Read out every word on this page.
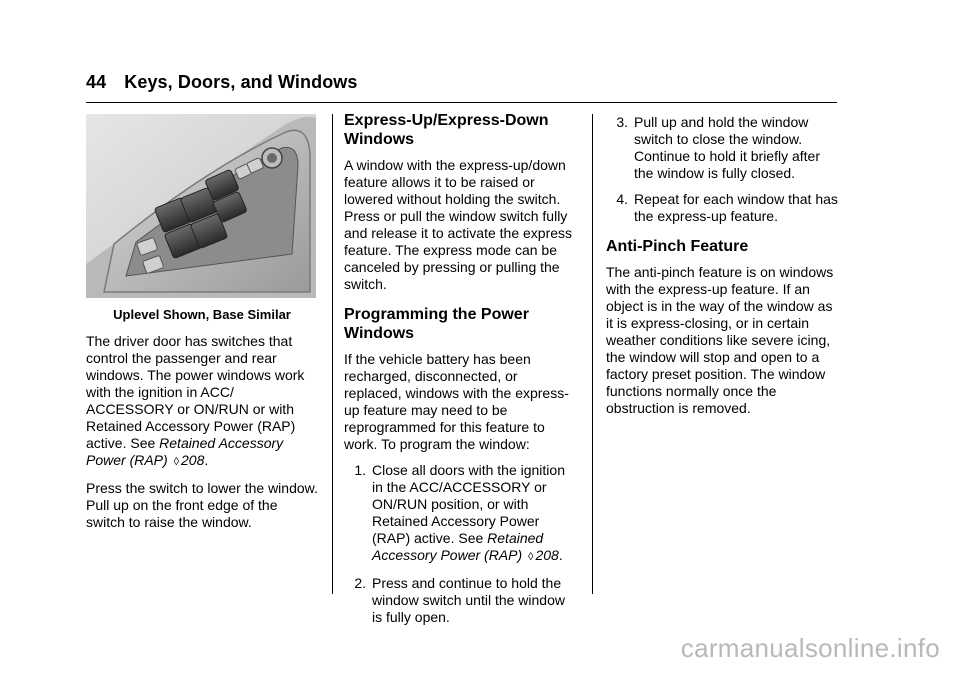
44 Keys, Doors, and Windows
Uplevel Shown, Base Similar

The driver door has switches that control the passenger and rear windows. The power windows work with the ignition in ACC/ ACCESSORY or ON/RUN or with Retained Accessory Power (RAP) active. See Retained Accessory Power (RAP) ◊ 208.

Press the switch to lower the window. Pull up on the front edge of the switch to raise the window.

Express-Up/Express-Down Windows

A window with the express-up/down feature allows it to be raised or lowered without holding the switch. Press or pull the window switch fully and release it to activate the express feature. The express mode can be canceled by pressing or pulling the switch.

Programming the Power Windows

If the vehicle battery has been recharged, disconnected, or replaced, windows with the express-up feature may need to be reprogrammed for this feature to work. To program the window:

1. Close all doors with the ignition in the ACC/ACCESSORY or ON/RUN position, or with Retained Accessory Power (RAP) active. See Retained Accessory Power (RAP) ◊ 208.
2. Press and continue to hold the window switch until the window is fully open.
3. Pull up and hold the window switch to close the window. Continue to hold it briefly after the window is fully closed.
4. Repeat for each window that has the express-up feature.
Anti-Pinch Feature

The anti-pinch feature is on windows with the express-up feature. If an object is in the way of the window as it is express-closing, or in certain weather conditions like severe icing, the window will stop and open to a factory preset position. The window functions normally once the obstruction is removed.

carmanualsonline.info
